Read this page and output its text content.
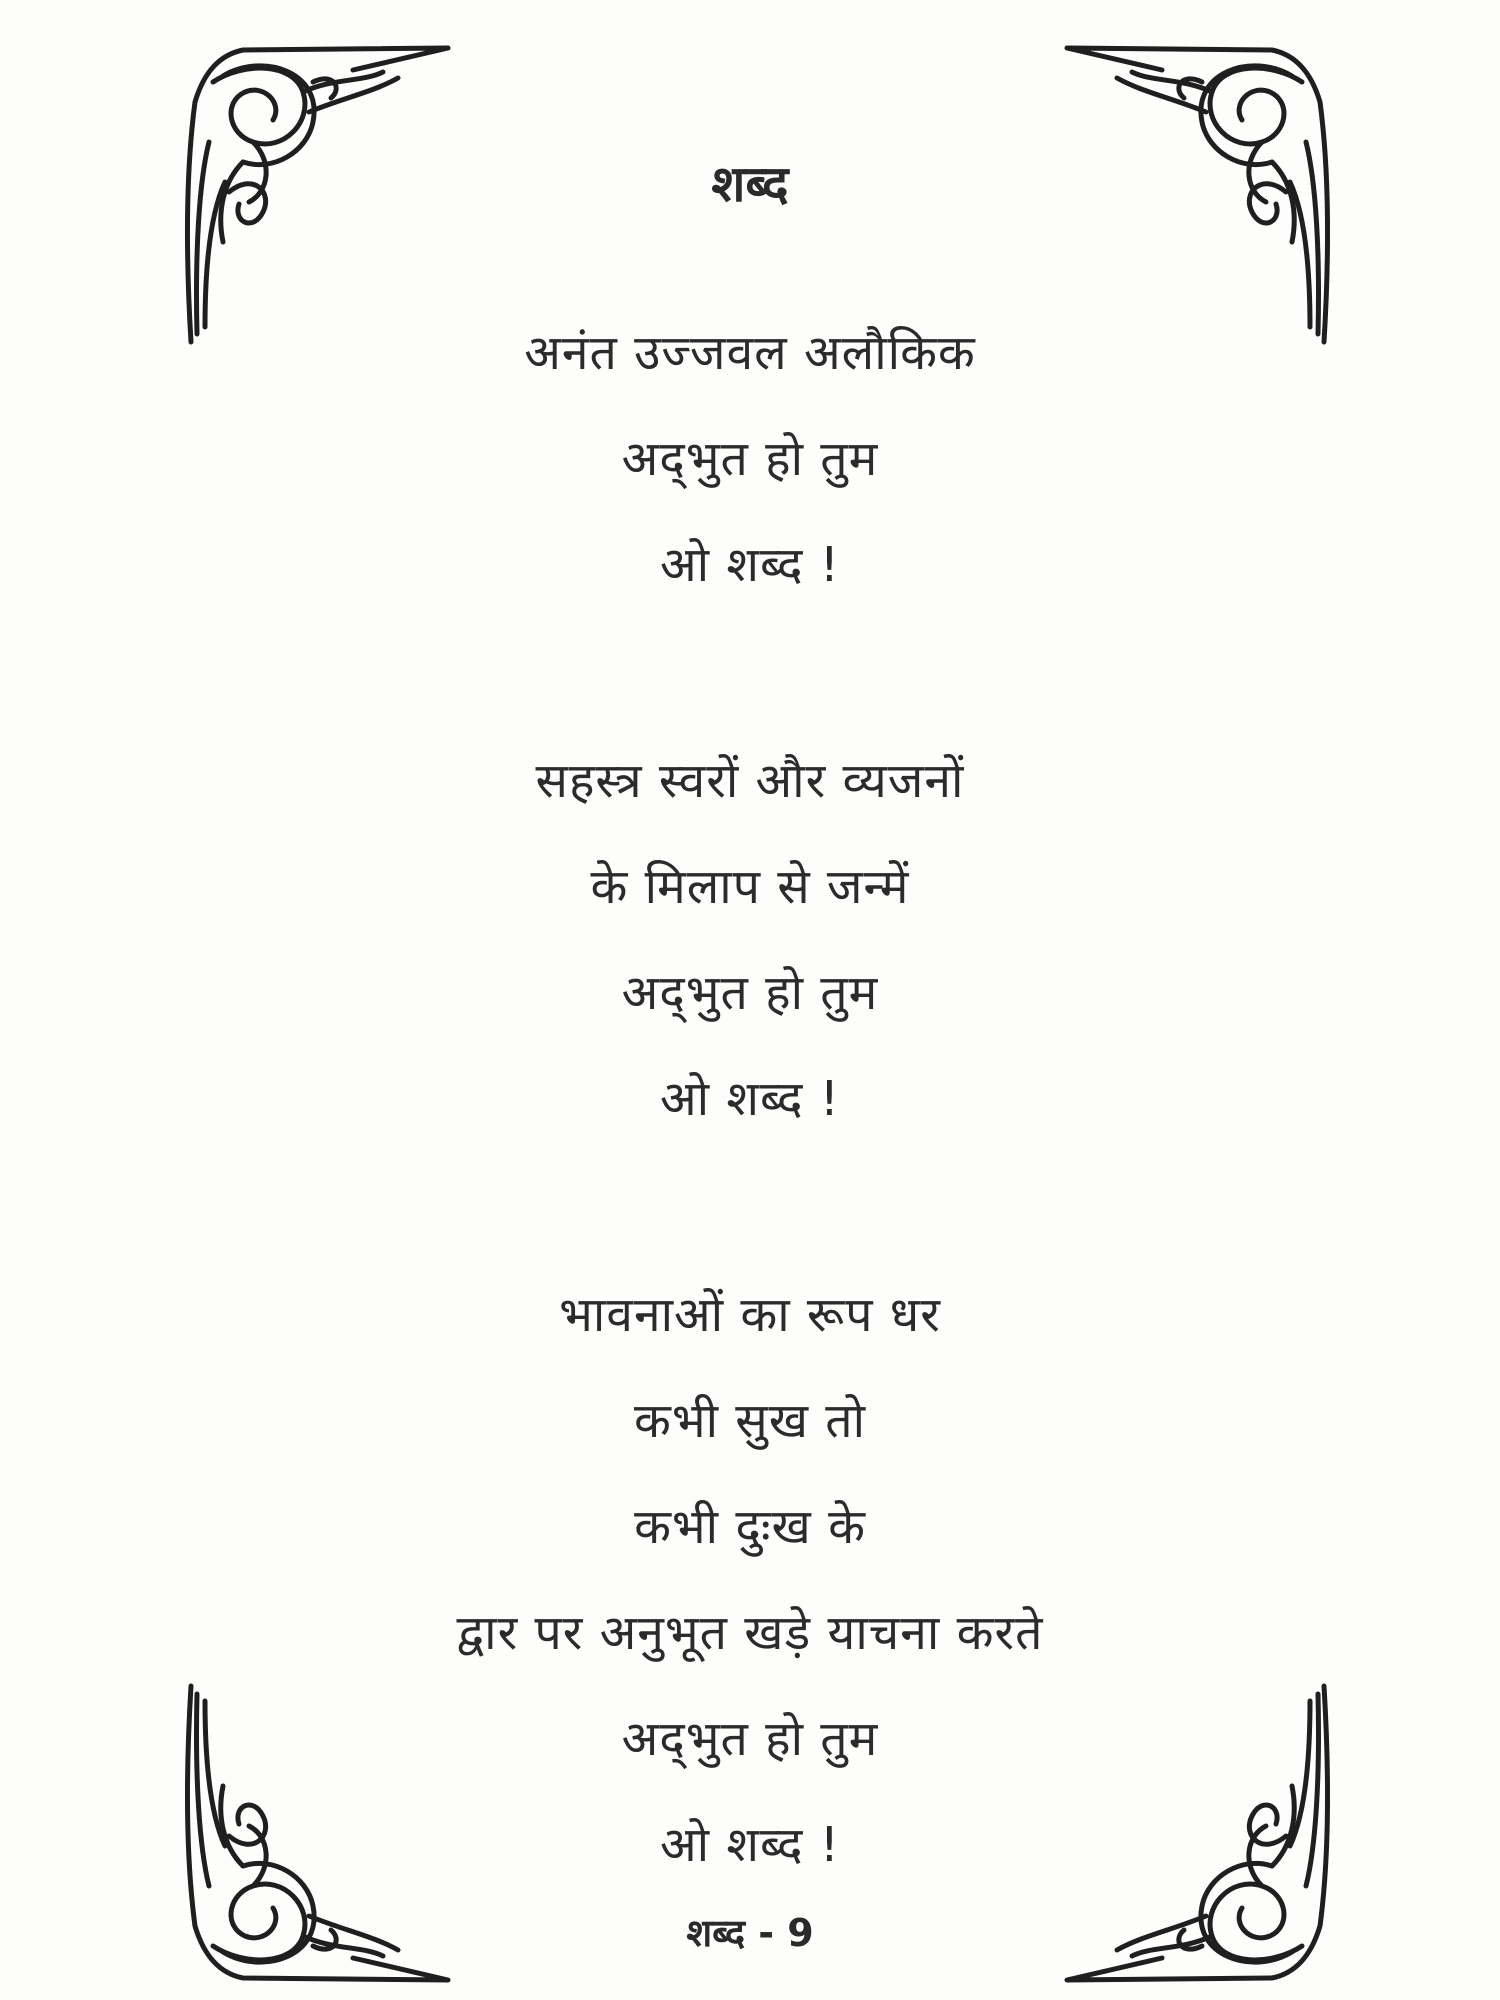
शब्द
अनंत उज्जवल अलौकिक
अद्‌भुत हो तुम
ओ शब्द !
सहस्त्र स्वरों और व्यजनों
के मिलाप से जन्में
अद्‌भुत हो तुम
ओ शब्द !
भावनाओं का रूप धर
कभी सुख तो
कभी दुःख के
द्वार पर अनुभूत खड़े याचना करते
अद्‌भुत हो तुम
ओ शब्द !
शब्द - 9
